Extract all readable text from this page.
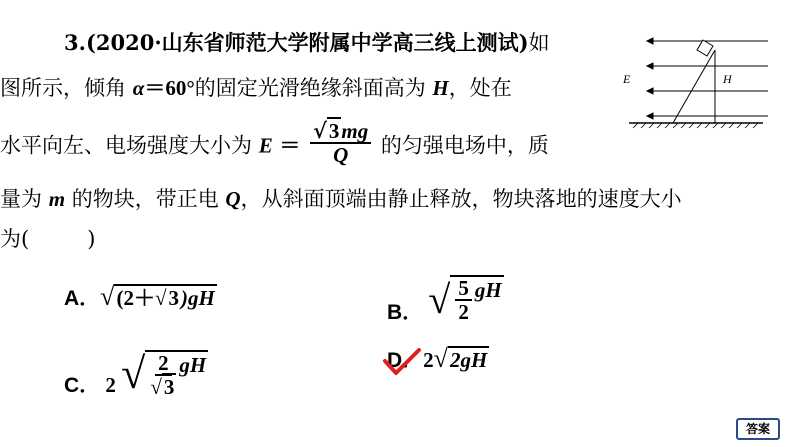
3.(2020·山东省师范大学附属中学高三线上测试)如
图所示，倾角 α＝60°的固定光滑绝缘斜面高为 H，处在
水平向左、电场强度大小为 $E = \frac{√3mg}{Q}$ 的匀强电场中，质
量为 m 的物块，带正电 Q，从斜面顶端由静止释放，物块落地的速度大小
为(	)
A．√(2＋√3)gH
B． √ $\frac{5}{2}$ gH
C． 2 √ $\frac{2}{√3}$ gH	D．2√2gH
E	H
答案
